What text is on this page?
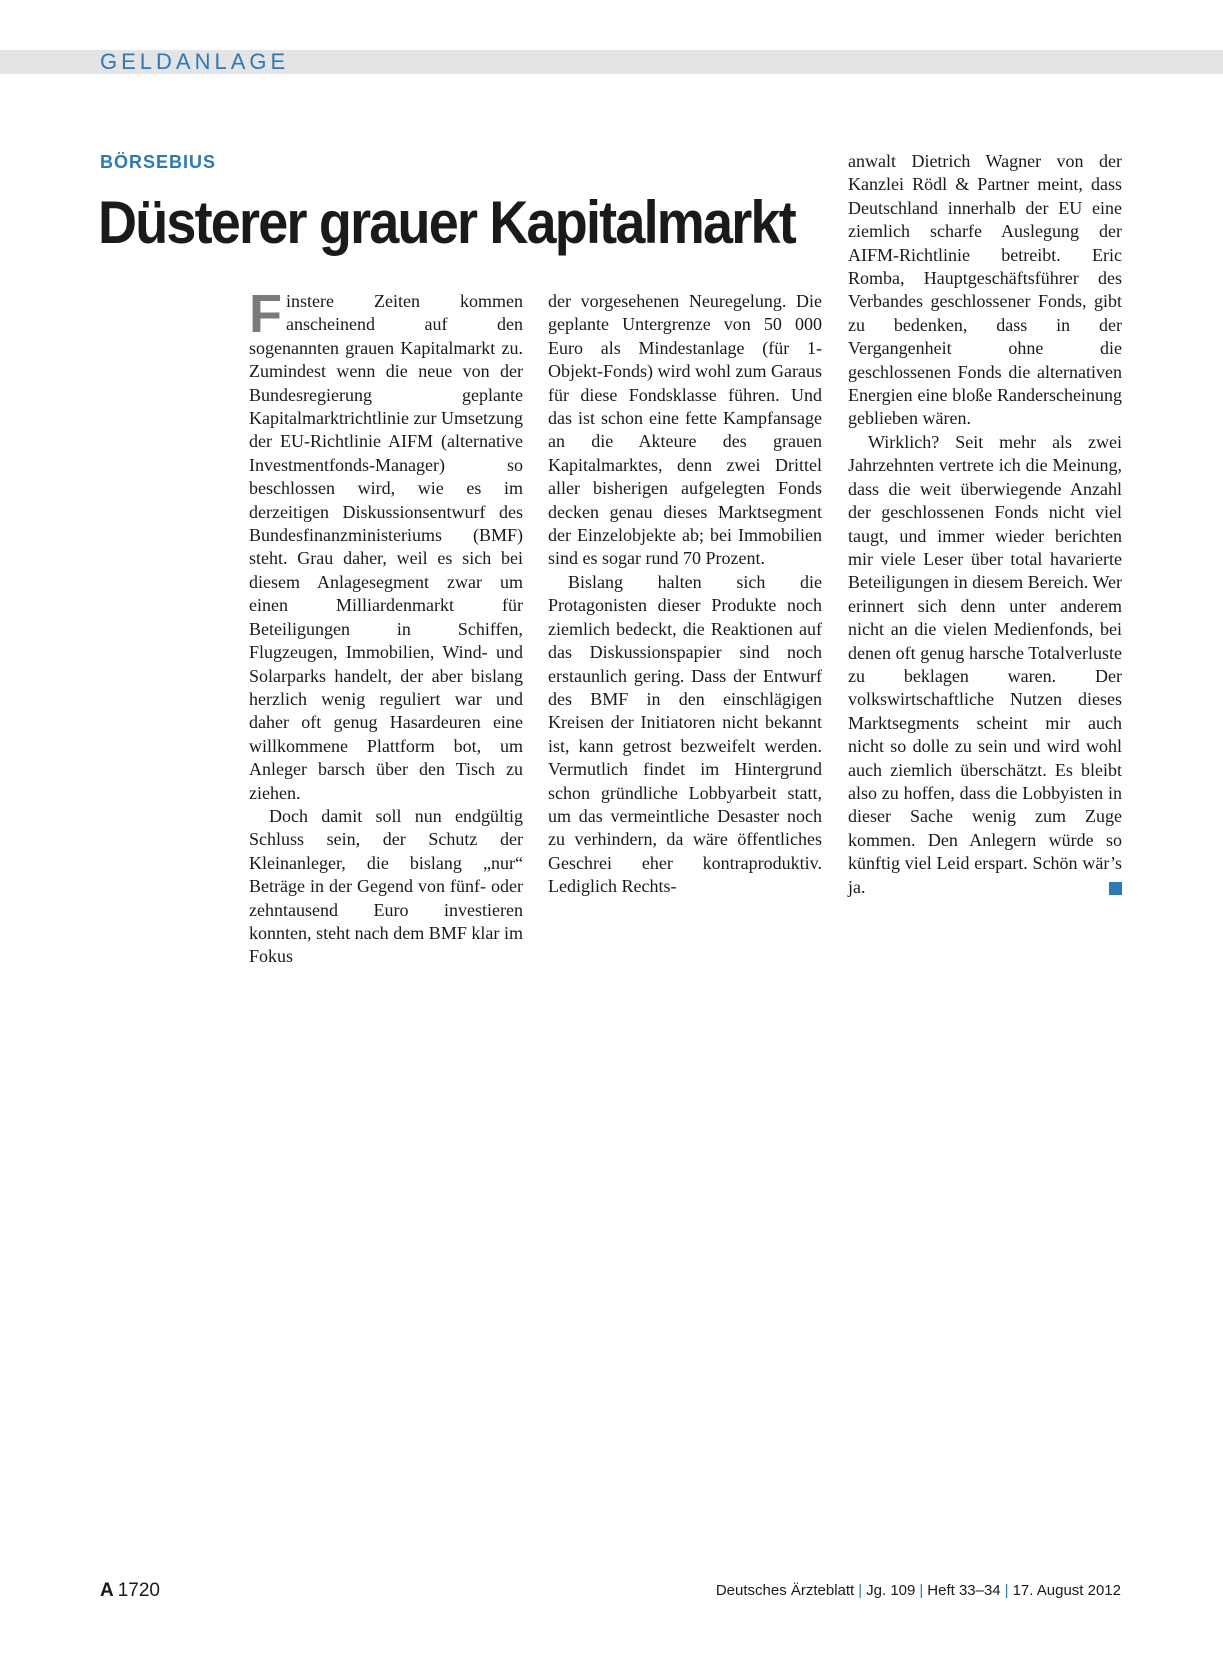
GELDANLAGE
BÖRSEBIUS
Düsterer grauer Kapitalmarkt

Finstere Zeiten kommen anscheinend auf den sogenannten grauen Kapitalmarkt zu. Zumindest wenn die neue von der Bundesregierung geplante Kapitalmarktrichtlinie zur Umsetzung der EU-Richtlinie AIFM (alternative Investmentfonds-Manager) so beschlossen wird, wie es im derzeitigen Diskussionsentwurf des Bundesfinanzministeriums (BMF) steht. Grau daher, weil es sich bei diesem Anlagesegment zwar um einen Milliardenmarkt für Beteiligungen in Schiffen, Flugzeugen, Immobilien, Wind- und Solarparks handelt, der aber bislang herzlich wenig reguliert war und daher oft genug Hasardeuren eine willkommene Plattform bot, um Anleger barsch über den Tisch zu ziehen.

Doch damit soll nun endgültig Schluss sein, der Schutz der Kleinanleger, die bislang „nur“ Beträge in der Gegend von fünf- oder zehntausend Euro investieren konnten, steht nach dem BMF klar im Fokus

der vorgesehenen Neuregelung. Die geplante Untergrenze von 50 000 Euro als Mindestanlage (für 1-Objekt-Fonds) wird wohl zum Garaus für diese Fondsklasse führen. Und das ist schon eine fette Kampfansage an die Akteure des grauen Kapitalmarktes, denn zwei Drittel aller bisherigen aufgelegten Fonds decken genau dieses Marktsegment der Einzelobjekte ab; bei Immobilien sind es sogar rund 70 Prozent.

Bislang halten sich die Protagonisten dieser Produkte noch ziemlich bedeckt, die Reaktionen auf das Diskussionspapier sind noch erstaunlich gering. Dass der Entwurf des BMF in den einschlägigen Kreisen der Initiatoren nicht bekannt ist, kann getrost bezweifelt werden. Vermutlich findet im Hintergrund schon gründliche Lobbyarbeit statt, um das vermeintliche Desaster noch zu verhindern, da wäre öffentliches Geschrei eher kontraproduktiv. Lediglich Rechts-

anwalt Dietrich Wagner von der Kanzlei Rödl & Partner meint, dass Deutschland innerhalb der EU eine ziemlich scharfe Auslegung der AIFM-Richtlinie betreibt. Eric Romba, Hauptgeschäftsführer des Verbandes geschlossener Fonds, gibt zu bedenken, dass in der Vergangenheit ohne die geschlossenen Fonds die alternativen Energien eine bloße Randerscheinung geblieben wären.

Wirklich? Seit mehr als zwei Jahrzehnten vertrete ich die Meinung, dass die weit überwiegende Anzahl der geschlossenen Fonds nicht viel taugt, und immer wieder berichten mir viele Leser über total havarierte Beteiligungen in diesem Bereich. Wer erinnert sich denn unter anderem nicht an die vielen Medienfonds, bei denen oft genug harsche Totalverluste zu beklagen waren. Der volkswirtschaftliche Nutzen dieses Marktsegments scheint mir auch nicht so dolle zu sein und wird wohl auch ziemlich überschätzt. Es bleibt also zu hoffen, dass die Lobbyisten in dieser Sache wenig zum Zuge kommen. Den Anlegern würde so künftig viel Leid erspart. Schön wär’s ja.

A 1720	Deutsches Ärzteblatt | Jg. 109 | Heft 33–34 | 17. August 2012
